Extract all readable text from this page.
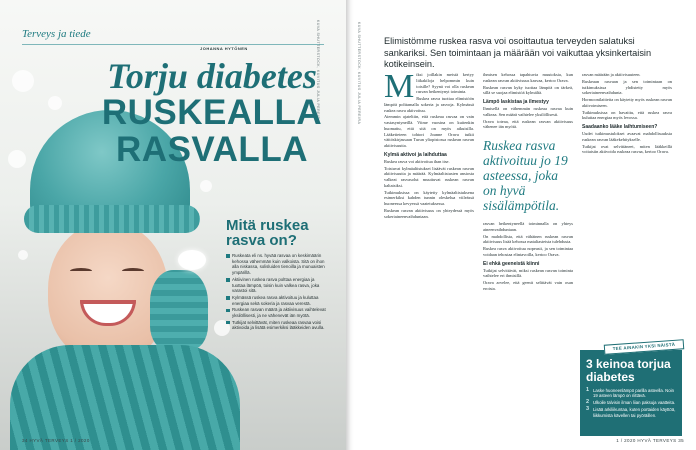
Terveys ja tiede
JOHANNA HYTÖNEN	KUVA SHUTTERSTOCK, KUVITUS JULIA PEREIRA
Torju diabetes
RUSKEALLA
RASVALLA
Mitä ruskea rasva on?
Ruskeata eli ns. hyvää rasvaa on keskimäärin kehossa vähemmän kuin valkoista. Sitä on ihon alla niskassa, solisluiden tienoilla ja munuaisten ympärillä.
Aktiivinen ruskea rasva polttaa energiaa ja tuottaa lämpöä, toisin kuin valkea rasva, joka varastoi sitä.
Kylmässä ruskea rasva aktivoituu ja kuluttaa energiaa sekä sokeria ja rasvaa verestä.
Ruskean rasvan määrä ja aktiivisuus vaihtelevat yksilöllisesti, ja ne vähenevät iän myötä.
Tutkijat selvittävät, miten ruskeaa rasvaa voisi aktivoida ja lisätä esimerkiksi lääkkeiden avulla.
34 HYVÄ TERVEYS 1 / 2020
KUVA SHUTTERSTOCK, KUVITUS JULIA PEREIRA	Elimistömme ruskea rasva voi osoittautua terveyden salatuksi sankariksi. Sen toimintaan ja määrään voi vaikuttaa yksinkertaisin kotikeinsein.

Miksi joillakin meistä kertyy liikakiloja helpommin kuin toisille? Syynä voi olla ruskean rasvan heikentynyt toiminta.

Ruskea rasva tuottaa elimistöön lämpöä polttamalla sokeria ja rasvoja. Kylmässä ruskea rasva aktivoituu.

Aiemmin ajateltiin, että ruskeaa rasvaa on vain vastasyntyneillä. Viime vuosina on kuitenkin huomattu, että sitä on myös aikuisilla. Lääketieteen tohtori Joanne Orava tutkii väitöskirjassaan Turun yliopistossa ruskean rasvan aktiivisuutta.

Kylmä aktivoi ja laihduttaa

Ruskea rasva voi aktivoitua ihan itse.

Toistuvat kylmäaltistukset lisäävät ruskean rasvan aktiivisuutta ja määrää. Kylmäaltistusten ansiosta valkeat rasvasolut muuttuvat ruskean rasvan kaltaisiksi.

Tutkimuksissa on käytetty kylmäaltistuksena esimerkiksi kahden tunnin oleskelua viileässä huoneessa kevyessä vaatetuksessa.

Ruskean rasvan aktiivisuus on yhteydessä myös sokeriaineenvaihduntaan.

ihmisen kehossa tapahtuvia muutoksia, kun ruskean rasvan aktiivisuus kasvaa, kertoo Orava.

Ruskean rasvan kyky tuottaa lämpöä on tärkeä, sillä se suojaa elimistöä kylmältä.

Lämpö laskistaa ja ilmestyy

Ihmisellä on vähemmän ruskeaa rasvaa kuin valkeaa. Sen määrä vaihtelee yksilöllisesti.

Orava toteaa, että ruskean rasvan aktiivisuus vähenee iän myötä.

Ruskea rasva aktivoituu jo 19 asteessa, joka on hyvä sisälämpötila.

rasvan heikentyneellä toiminnalla on yhteys aineenvaihduntaan.

On mahdollista, että vähäinen ruskean rasvan aktiivisuus lisää kehossa mataliasteista tulehdusta.

Ruskea rasva aktivoituu nopeasti, ja sen toimintaa voidaan tehostaa elintavoilla, kertoo Orava.

Ei ehkä geeneistä kiinni

Tutkijat selvittävät, miksi ruskean rasvan toiminta vaihtelee eri ihmisillä.

Orava arvelee, että geenit selittävät vain osan eroista.

rasvan määrään ja aktiivisuuteen.

Ruskeaan rasvaan ja sen toimintaan on tutkimuksissa yhdistetty myös sokeriaineenvaihdunta.

Hormoonilaitteita on käytetty myös ruskean rasvan aktivoimiseen.

Tutkimuksissa on havaittu, että ruskea rasva kuluttaa energiaa myös levossa.

Saadaanko lääke laihtumiseen?

Uudet tutkimustulokset avaavat mahdollisuuksia ruskean rasvan lääkekehitykselle.

Tutkijat ovat selvittäneet, miten lääkkeillä voitaisiin aktivoida ruskeaa rasvaa, kertoo Orava.

3 keinoa torjua diabetes
1 Laske huoneenlämpö parilla asteella. Noin 19 asteen lämpö on riittävä.
2 Ulkoile talvisin ilman liian paksuja vaatteita.
3 Lisää arkiliikuntaa, kuten portaiden käyttöä, liikkumista kävellen tai pyöräillen.
TEE AINAKIN YKSI NÄISTÄ
1 / 2020 HYVÄ TERVEYS 35
